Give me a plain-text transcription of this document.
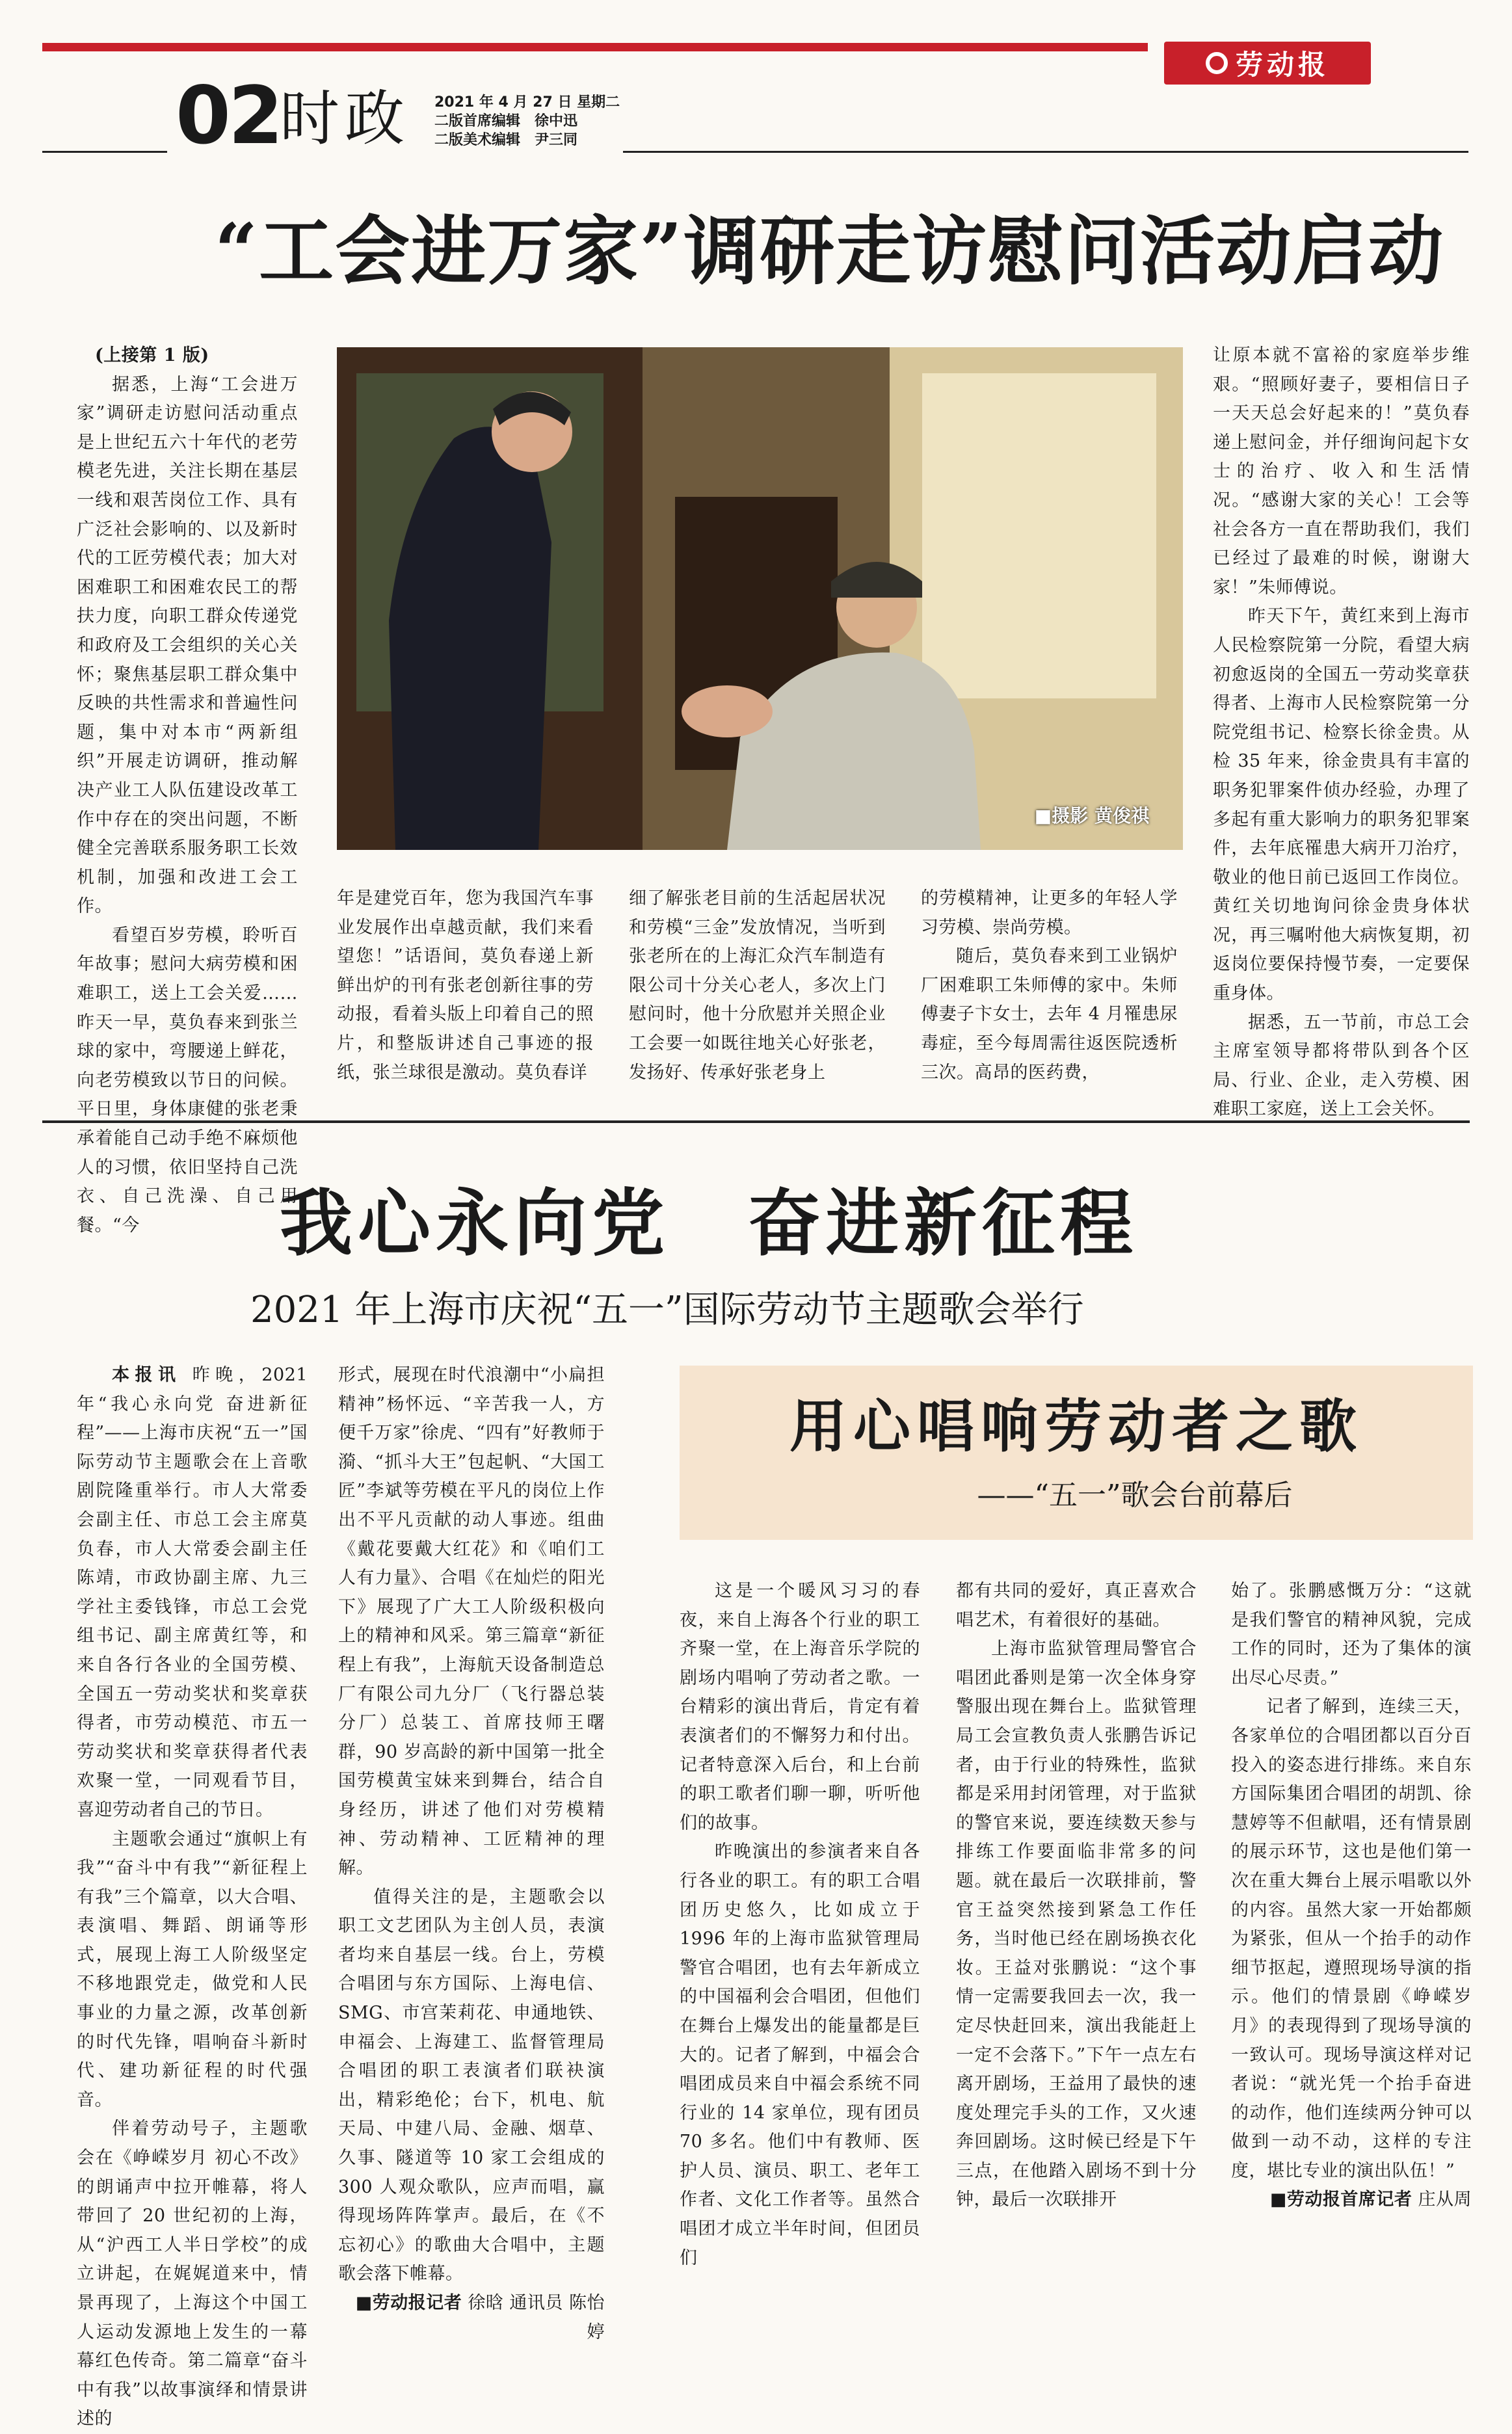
劳动报
02
时政 2021 年 4 月 27 日 星期二
二版首席编辑　徐中迅
二版美术编辑　尹三同
“工会进万家”调研走访慰问活动启动

(上接第 1 版)

据悉，上海“工会进万家”调研走访慰问活动重点是上世纪五六十年代的老劳模老先进，关注长期在基层一线和艰苦岗位工作、具有广泛社会影响的、以及新时代的工匠劳模代表；加大对困难职工和困难农民工的帮扶力度，向职工群众传递党和政府及工会组织的关心关怀；聚焦基层职工群众集中反映的共性需求和普遍性问题，集中对本市“两新组织”开展走访调研，推动解决产业工人队伍建设改革工作中存在的突出问题，不断健全完善联系服务职工长效机制，加强和改进工会工作。

看望百岁劳模，聆听百年故事；慰问大病劳模和困难职工，送上工会关爱……昨天一早，莫负春来到张兰球的家中，弯腰递上鲜花，向老劳模致以节日的问候。平日里，身体康健的张老秉承着能自己动手绝不麻烦他人的习惯，依旧坚持自己洗衣、自己洗澡、自己用餐。“今

■摄影 黄俊祺

年是建党百年，您为我国汽车事业发展作出卓越贡献，我们来看望您！”话语间，莫负春递上新鲜出炉的刊有张老创新往事的劳动报，看着头版上印着自己的照片，和整版讲述自己事迹的报纸，张兰球很是激动。莫负春详

细了解张老目前的生活起居状况和劳模“三金”发放情况，当听到张老所在的上海汇众汽车制造有限公司十分关心老人，多次上门慰问时，他十分欣慰并关照企业工会要一如既往地关心好张老，发扬好、传承好张老身上

的劳模精神，让更多的年轻人学习劳模、崇尚劳模。

随后，莫负春来到工业锅炉厂困难职工朱师傅的家中。朱师傅妻子卞女士，去年 4 月罹患尿毒症，至今每周需往返医院透析三次。高昂的医药费，

让原本就不富裕的家庭举步维艰。“照顾好妻子，要相信日子一天天总会好起来的！”莫负春递上慰问金，并仔细询问起卞女士的治疗、收入和生活情况。“感谢大家的关心！工会等社会各方一直在帮助我们，我们已经过了最难的时候，谢谢大家！”朱师傅说。

昨天下午，黄红来到上海市人民检察院第一分院，看望大病初愈返岗的全国五一劳动奖章获得者、上海市人民检察院第一分院党组书记、检察长徐金贵。从检 35 年来，徐金贵具有丰富的职务犯罪案件侦办经验，办理了多起有重大影响力的职务犯罪案件，去年底罹患大病开刀治疗，敬业的他日前已返回工作岗位。黄红关切地询问徐金贵身体状况，再三嘱咐他大病恢复期，初返岗位要保持慢节奏，一定要保重身体。

据悉，五一节前，市总工会主席室领导都将带队到各个区局、行业、企业，走入劳模、困难职工家庭，送上工会关怀。

我心永向党　奋进新征程
2021 年上海市庆祝“五一”国际劳动节主题歌会举行

本报讯 昨晚，2021 年“我心永向党 奋进新征程”——上海市庆祝“五一”国际劳动节主题歌会在上音歌剧院隆重举行。市人大常委会副主任、市总工会主席莫负春，市人大常委会副主任陈靖，市政协副主席、九三学社主委钱锋，市总工会党组书记、副主席黄红等，和来自各行各业的全国劳模、全国五一劳动奖状和奖章获得者，市劳动模范、市五一劳动奖状和奖章获得者代表欢聚一堂，一同观看节目，喜迎劳动者自己的节日。

主题歌会通过“旗帜上有我”“奋斗中有我”“新征程上有我”三个篇章，以大合唱、表演唱、舞蹈、朗诵等形式，展现上海工人阶级坚定不移地跟党走，做党和人民事业的力量之源，改革创新的时代先锋，唱响奋斗新时代、建功新征程的时代强音。

伴着劳动号子，主题歌会在《峥嵘岁月 初心不改》的朗诵声中拉开帷幕，将人带回了 20 世纪初的上海，从“沪西工人半日学校”的成立讲起，在娓娓道来中，情景再现了，上海这个中国工人运动发源地上发生的一幕幕红色传奇。第二篇章“奋斗中有我”以故事演绎和情景讲述的

形式，展现在时代浪潮中“小扁担精神”杨怀远、“辛苦我一人，方便千万家”徐虎、“四有”好教师于漪、“抓斗大王”包起帆、“大国工匠”李斌等劳模在平凡的岗位上作出不平凡贡献的动人事迹。组曲《戴花要戴大红花》和《咱们工人有力量》、合唱《在灿烂的阳光下》展现了广大工人阶级积极向上的精神和风采。第三篇章“新征程上有我”，上海航天设备制造总厂有限公司九分厂（飞行器总装分厂）总装工、首席技师王曙群，90 岁高龄的新中国第一批全国劳模黄宝妹来到舞台，结合自身经历，讲述了他们对劳模精神、劳动精神、工匠精神的理解。

值得关注的是，主题歌会以职工文艺团队为主创人员，表演者均来自基层一线。台上，劳模合唱团与东方国际、上海电信、SMG、市宫茉莉花、申通地铁、申福会、上海建工、监督管理局合唱团的职工表演者们联袂演出，精彩绝伦；台下，机电、航天局、中建八局、金融、烟草、久事、隧道等 10 家工会组成的 300 人观众歌队，应声而唱，赢得现场阵阵掌声。最后，在《不忘初心》的歌曲大合唱中，主题歌会落下帷幕。

■劳动报记者 徐晗 通讯员 陈怡婷

用心唱响劳动者之歌
——“五一”歌会台前幕后

这是一个暖风习习的春夜，来自上海各个行业的职工齐聚一堂，在上海音乐学院的剧场内唱响了劳动者之歌。一台精彩的演出背后，肯定有着表演者们的不懈努力和付出。记者特意深入后台，和上台前的职工歌者们聊一聊，听听他们的故事。

昨晚演出的参演者来自各行各业的职工。有的职工合唱团历史悠久，比如成立于 1996 年的上海市监狱管理局警官合唱团，也有去年新成立的中国福利会合唱团，但他们在舞台上爆发出的能量都是巨大的。记者了解到，中福会合唱团成员来自中福会系统不同行业的 14 家单位，现有团员 70 多名。他们中有教师、医护人员、演员、职工、老年工作者、文化工作者等。虽然合唱团才成立半年时间，但团员们

都有共同的爱好，真正喜欢合唱艺术，有着很好的基础。

上海市监狱管理局警官合唱团此番则是第一次全体身穿警服出现在舞台上。监狱管理局工会宣教负责人张鹏告诉记者，由于行业的特殊性，监狱都是采用封闭管理，对于监狱的警官来说，要连续数天参与排练工作要面临非常多的问题。就在最后一次联排前，警官王益突然接到紧急工作任务，当时他已经在剧场换衣化妆。王益对张鹏说：“这个事情一定需要我回去一次，我一定尽快赶回来，演出我能赶上一定不会落下。”下午一点左右离开剧场，王益用了最快的速度处理完手头的工作，又火速奔回剧场。这时候已经是下午三点，在他踏入剧场不到十分钟，最后一次联排开

始了。张鹏感慨万分：“这就是我们警官的精神风貌，完成工作的同时，还为了集体的演出尽心尽责。”

记者了解到，连续三天，各家单位的合唱团都以百分百投入的姿态进行排练。来自东方国际集团合唱团的胡凯、徐慧婷等不但献唱，还有情景剧的展示环节，这也是他们第一次在重大舞台上展示唱歌以外的内容。虽然大家一开始都颇为紧张，但从一个抬手的动作细节抠起，遵照现场导演的指示。他们的情景剧《峥嵘岁月》的表现得到了现场导演的一致认可。现场导演这样对记者说：“就光凭一个抬手奋进的动作，他们连续两分钟可以做到一动不动，这样的专注度，堪比专业的演出队伍！”

■劳动报首席记者 庄从周
